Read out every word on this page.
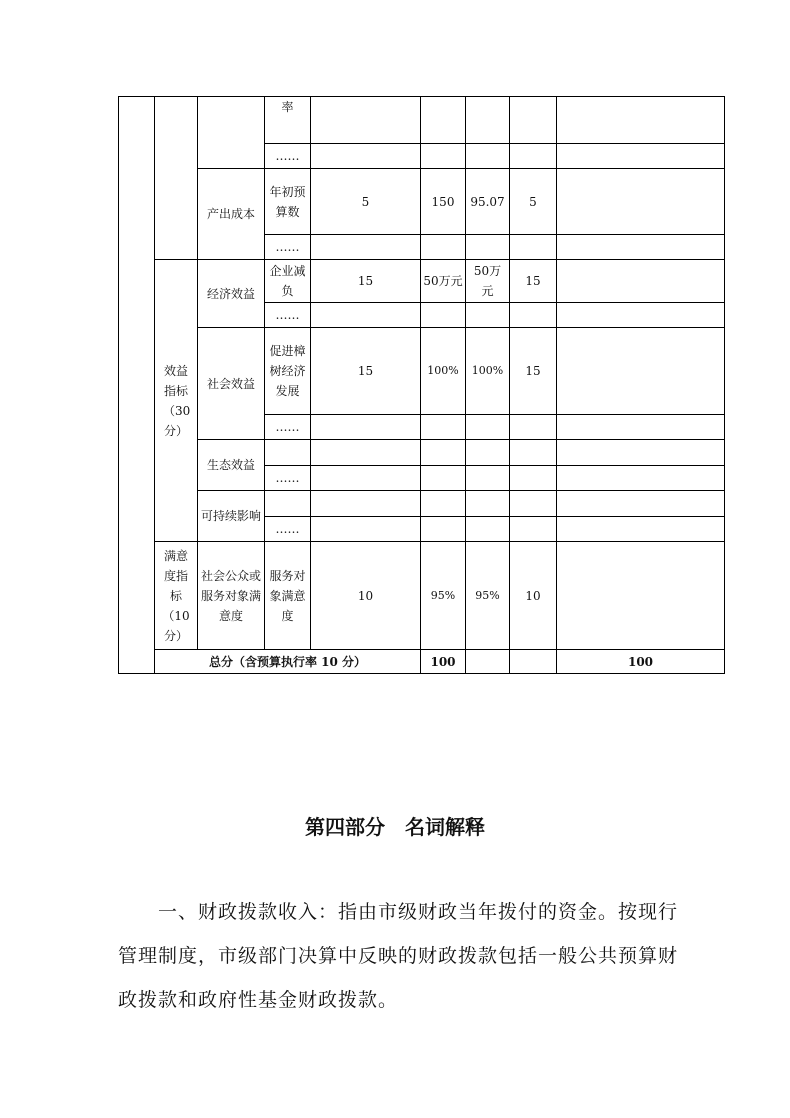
			率						
			……						
		产出成本	年初预算数	5	150	95.07	5		
			……						
	效益指标（30分）	经济效益	企业减负	15	50万元	50万元	15		
			……						
		社会效益	促进樟树经济发展	15	100%	100%	15		
			……						
		生态效益							
			……						
		可持续影响							
			……						
	满意度指标（10分）	社会公众或服务对象满意度	服务对象满意度	10	95%	95%	10		
	总分（含预算执行率 10 分）				100			100	
第四部分　名词解释

一、财政拨款收入：指由市级财政当年拨付的资金。按现行管理制度，市级部门决算中反映的财政拨款包括一般公共预算财政拨款和政府性基金财政拨款。
